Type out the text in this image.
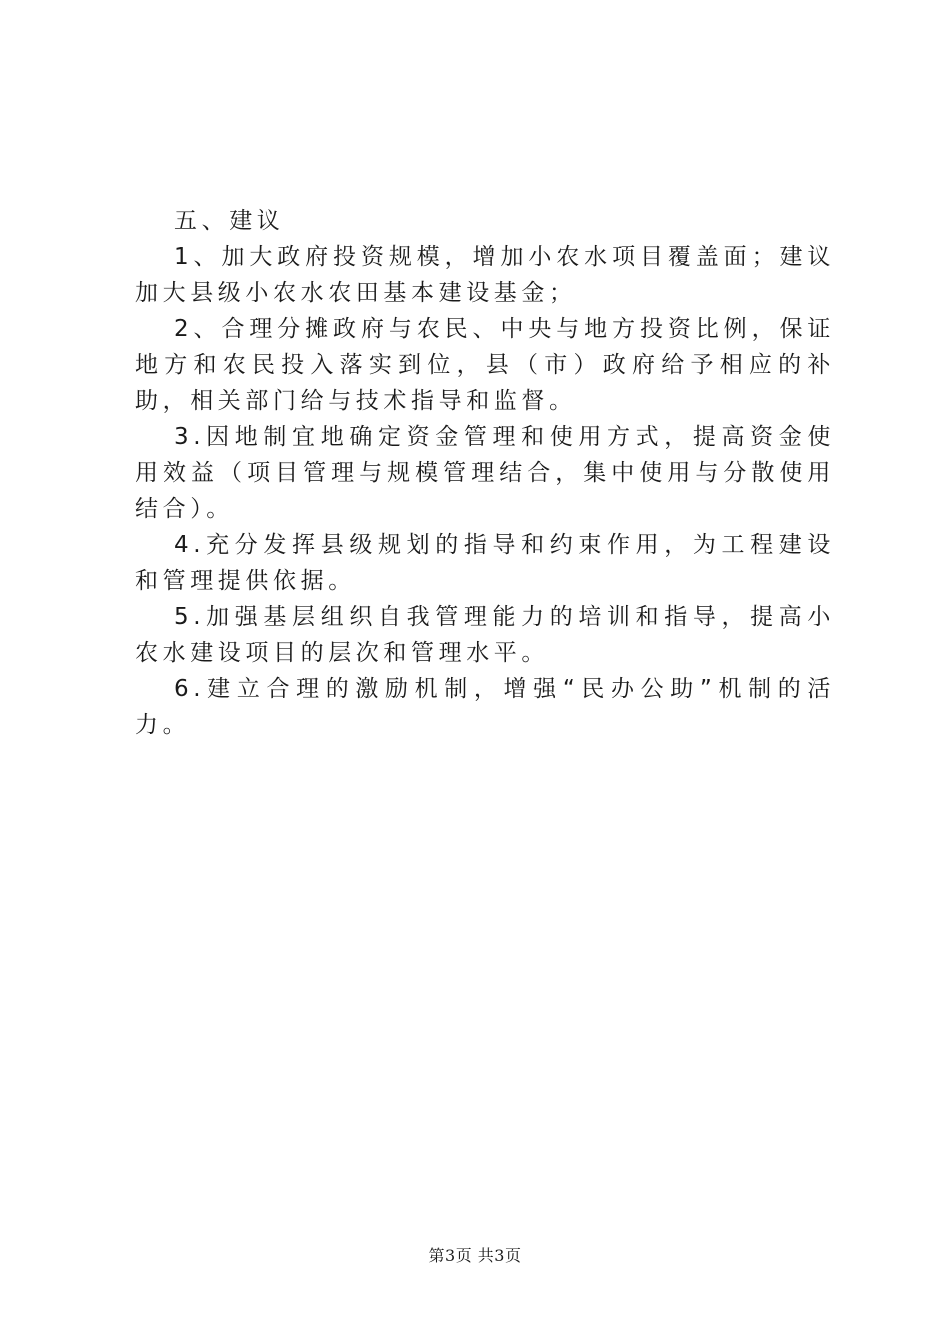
五、建议

1、加大政府投资规模，增加小农水项目覆盖面；建议加大县级小农水农田基本建设基金；

2、合理分摊政府与农民、中央与地方投资比例，保证地方和农民投入落实到位，县（市）政府给予相应的补助，相关部门给与技术指导和监督。

3.因地制宜地确定资金管理和使用方式，提高资金使用效益（项目管理与规模管理结合，集中使用与分散使用结合）。

4.充分发挥县级规划的指导和约束作用，为工程建设和管理提供依据。

5.加强基层组织自我管理能力的培训和指导，提高小农水建设项目的层次和管理水平。

6.建立合理的激励机制，增强“民办公助”机制的活力。

第3页 共3页
